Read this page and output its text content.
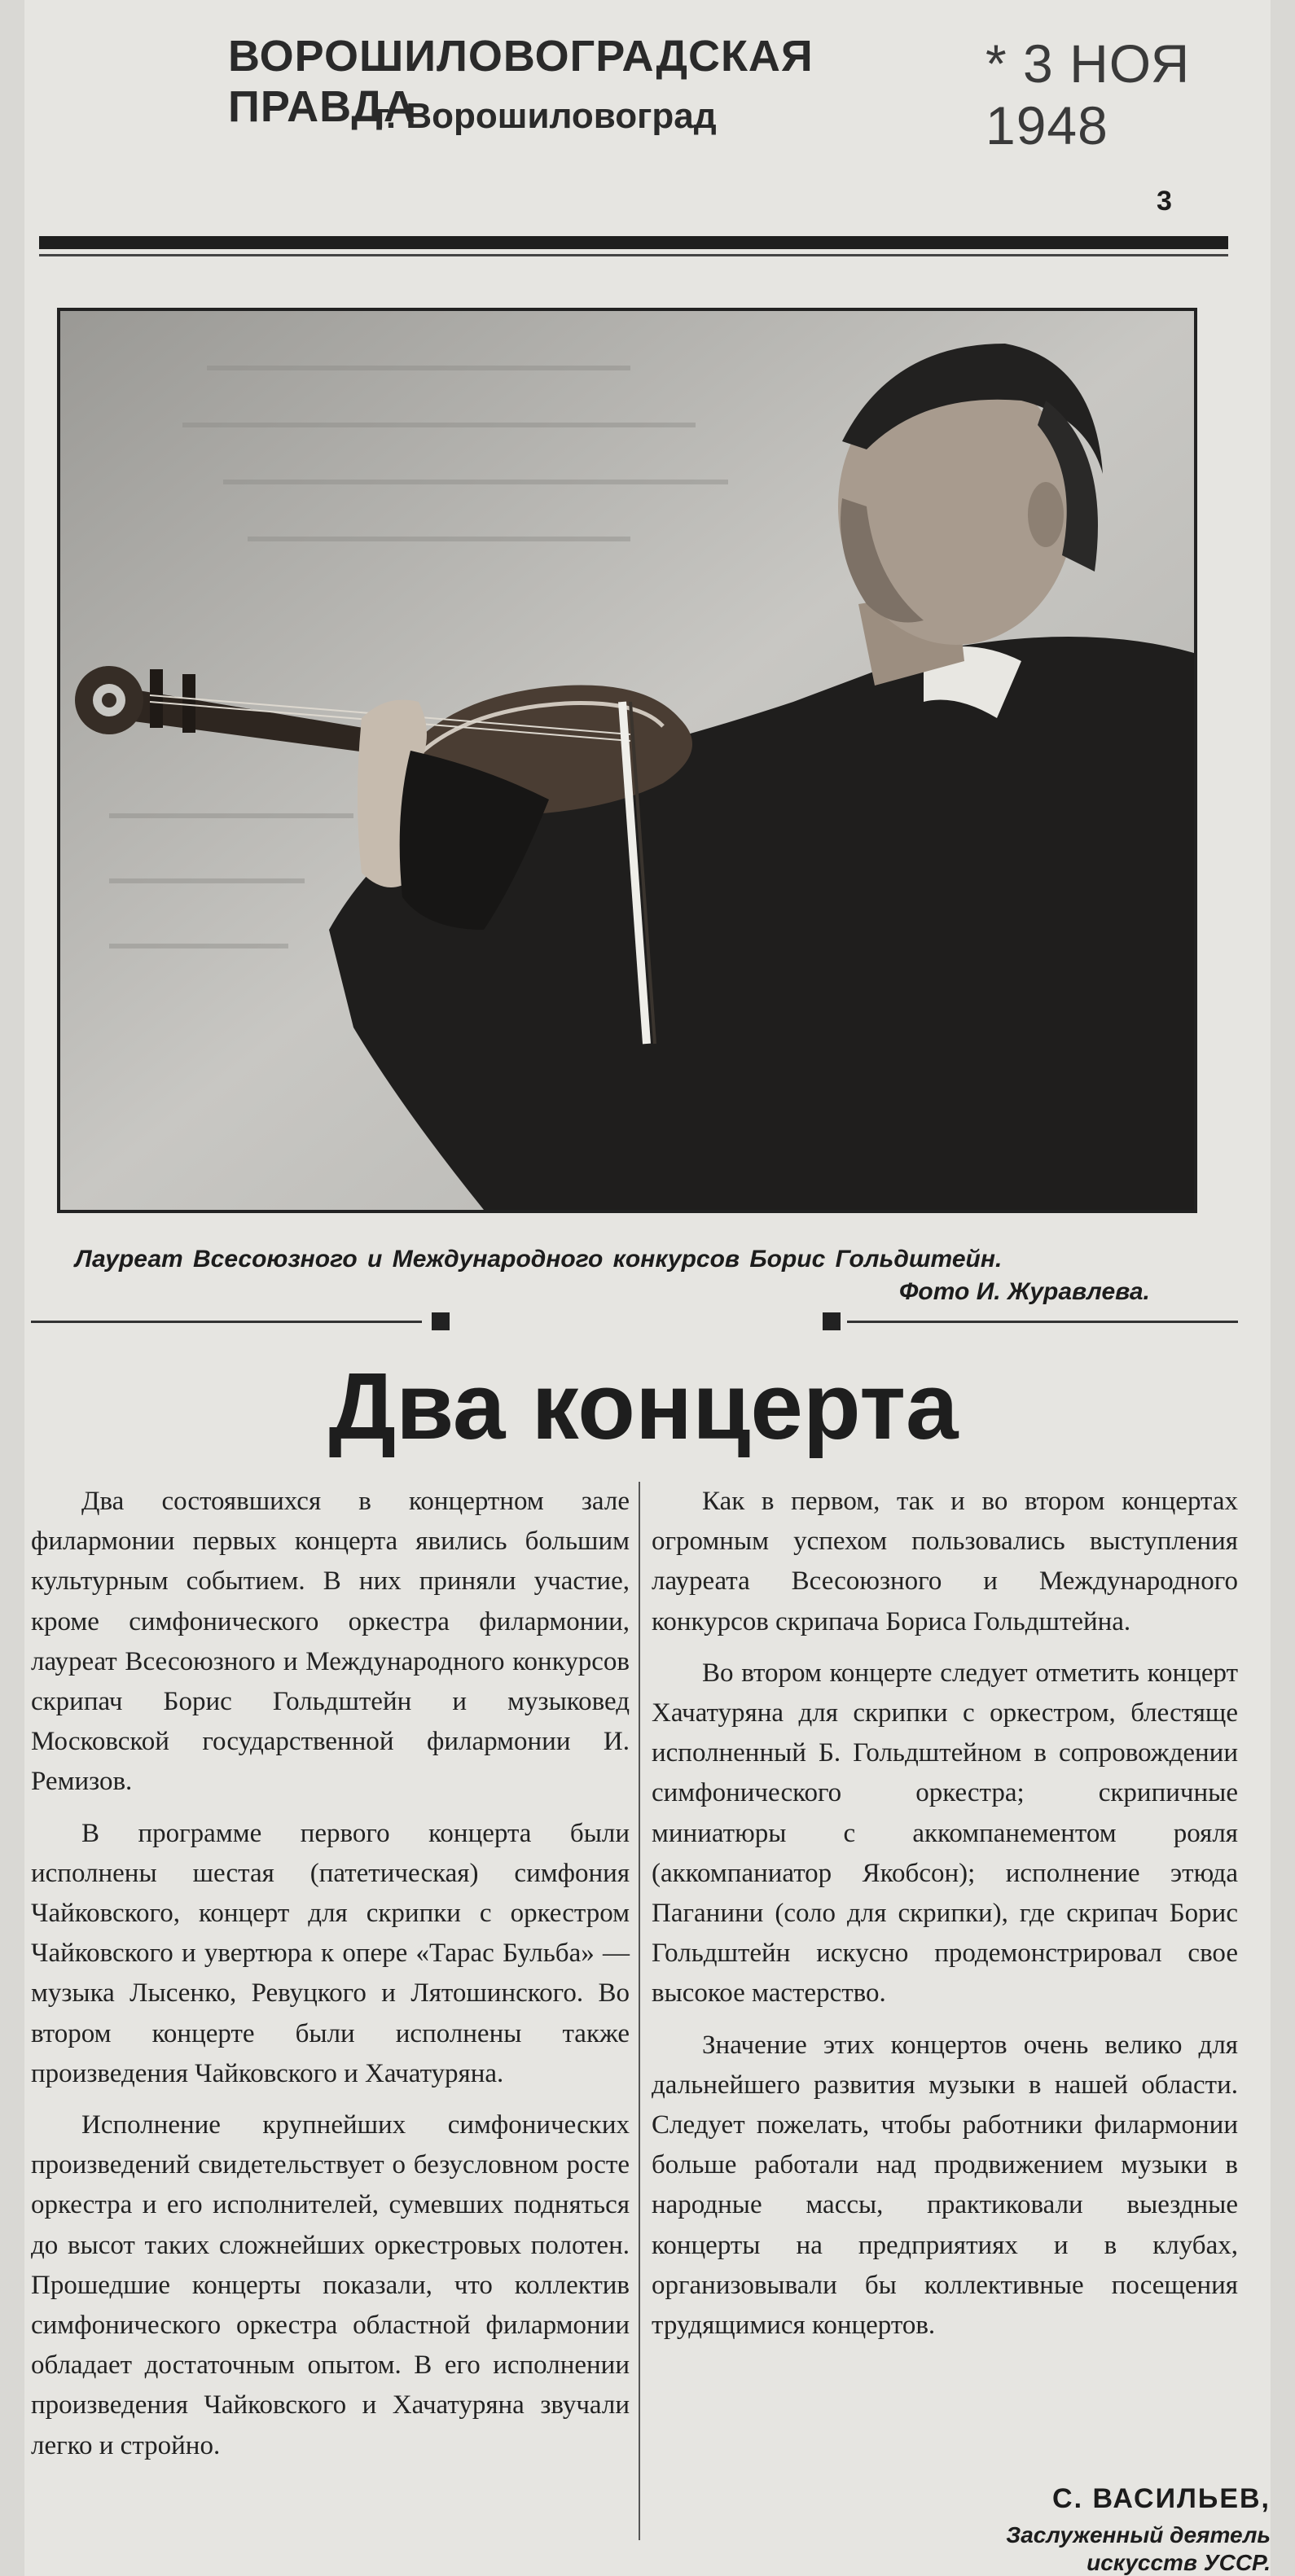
ВОРОШИЛОВОГРАДСКАЯ ПРАВДА
г. Ворошиловоград
* 3 НОЯ 1948
3
Лауреат Всесоюзного и Международного конкурсов Борис Гольдштейн.
Фото И. Журавлева.
Два концерта

Два состоявшихся в концертном зале филармонии первых концерта явились большим культурным событием. В них приняли участие, кроме симфонического оркестра филармонии, лауреат Всесоюзного и Международного конкурсов скрипач Борис Гольдштейн и музыковед Московской государственной филармонии И. Ремизов.

В программе первого концерта были исполнены шестая (патетическая) симфония Чайковского, концерт для скрипки с оркестром Чайковского и увертюра к опере «Тарас Бульба» — музыка Лысенко, Ревуцкого и Лятошинского. Во втором концерте были исполнены также произведения Чайковского и Хачатуряна.

Исполнение крупнейших симфонических произведений свидетельствует о безусловном росте оркестра и его исполнителей, сумевших подняться до высот таких сложнейших оркестровых полотен. Прошедшие концерты показали, что коллектив симфонического оркестра областной филармонии обладает достаточным опытом. В его исполнении произведения Чайковского и Хачатуряна звучали легко и стройно.

Как в первом, так и во втором концертах огромным успехом пользовались выступления лауреата Всесоюзного и Международного конкурсов скрипача Бориса Гольдштейна.

Во втором концерте следует отметить концерт Хачатуряна для скрипки с оркестром, блестяще исполненный Б. Гольдштейном в сопровождении симфонического оркестра; скрипичные миниатюры с аккомпанементом рояля (аккомпаниатор Якобсон); исполнение этюда Паганини (соло для скрипки), где скрипач Борис Гольдштейн искусно продемонстрировал свое высокое мастерство.

Значение этих концертов очень велико для дальнейшего развития музыки в нашей области. Следует пожелать, чтобы работники филармонии больше работали над продвижением музыки в народные массы, практиковали выездные концерты на предприятиях и в клубах, организовывали бы коллективные посещения трудящимися концертов.

С. ВАСИЛЬЕВ,
Заслуженный деятель
искусств УССР.
